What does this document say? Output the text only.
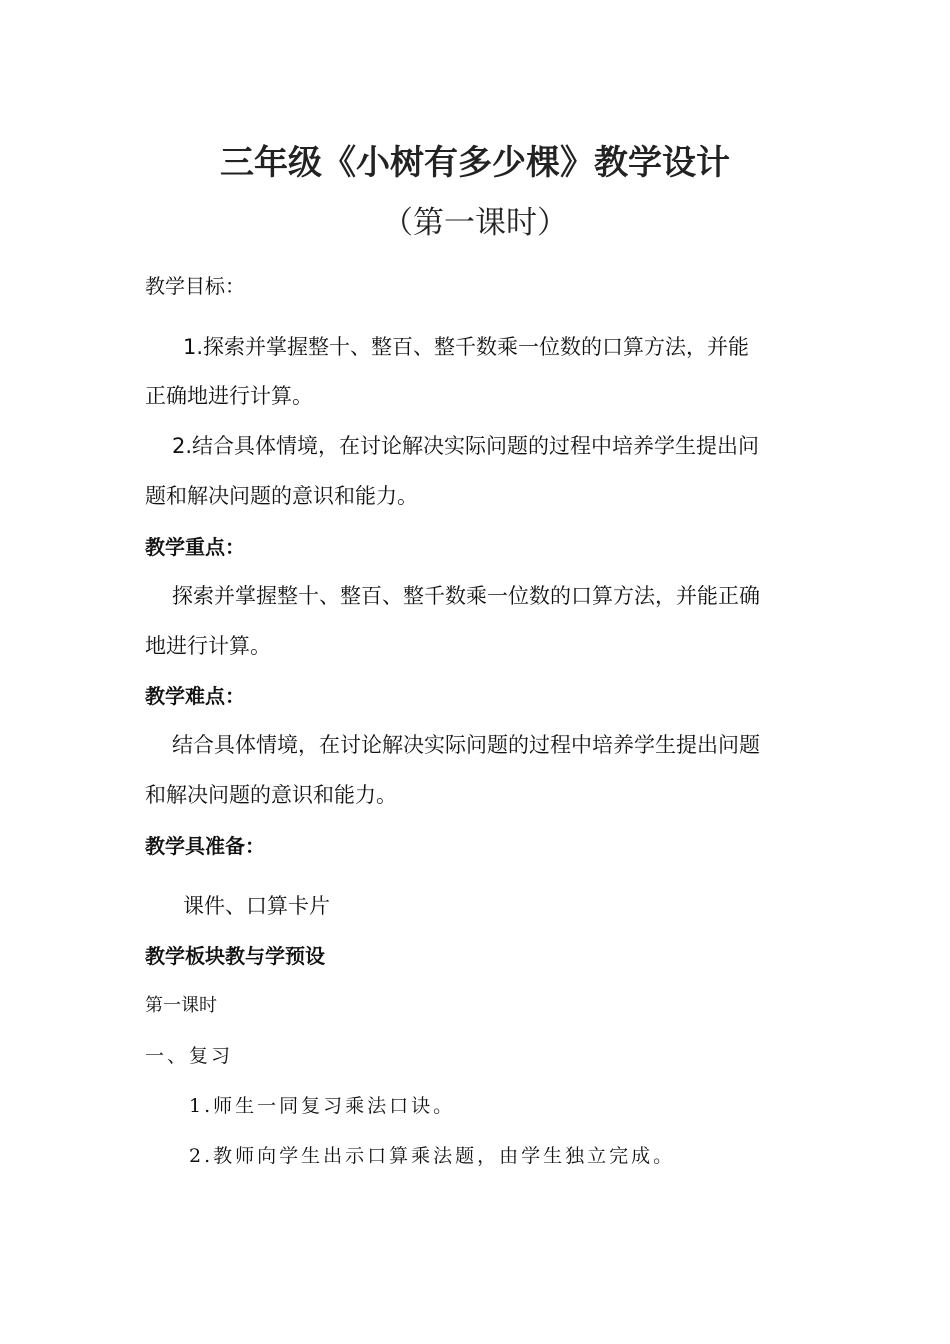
三年级《小树有多少棵》教学设计
（第一课时）
教学目标：
1.探索并掌握整十、整百、整千数乘一位数的口算方法，并能
正确地进行计算。
2.结合具体情境，在讨论解决实际问题的过程中培养学生提出问
题和解决问题的意识和能力。
教学重点：
探索并掌握整十、整百、整千数乘一位数的口算方法，并能正确
地进行计算。
教学难点：
结合具体情境，在讨论解决实际问题的过程中培养学生提出问题
和解决问题的意识和能力。
教学具准备：
课件、口算卡片
教学板块教与学预设
第一课时
一、复习
1.师生一同复习乘法口诀。
2.教师向学生出示口算乘法题，由学生独立完成。
